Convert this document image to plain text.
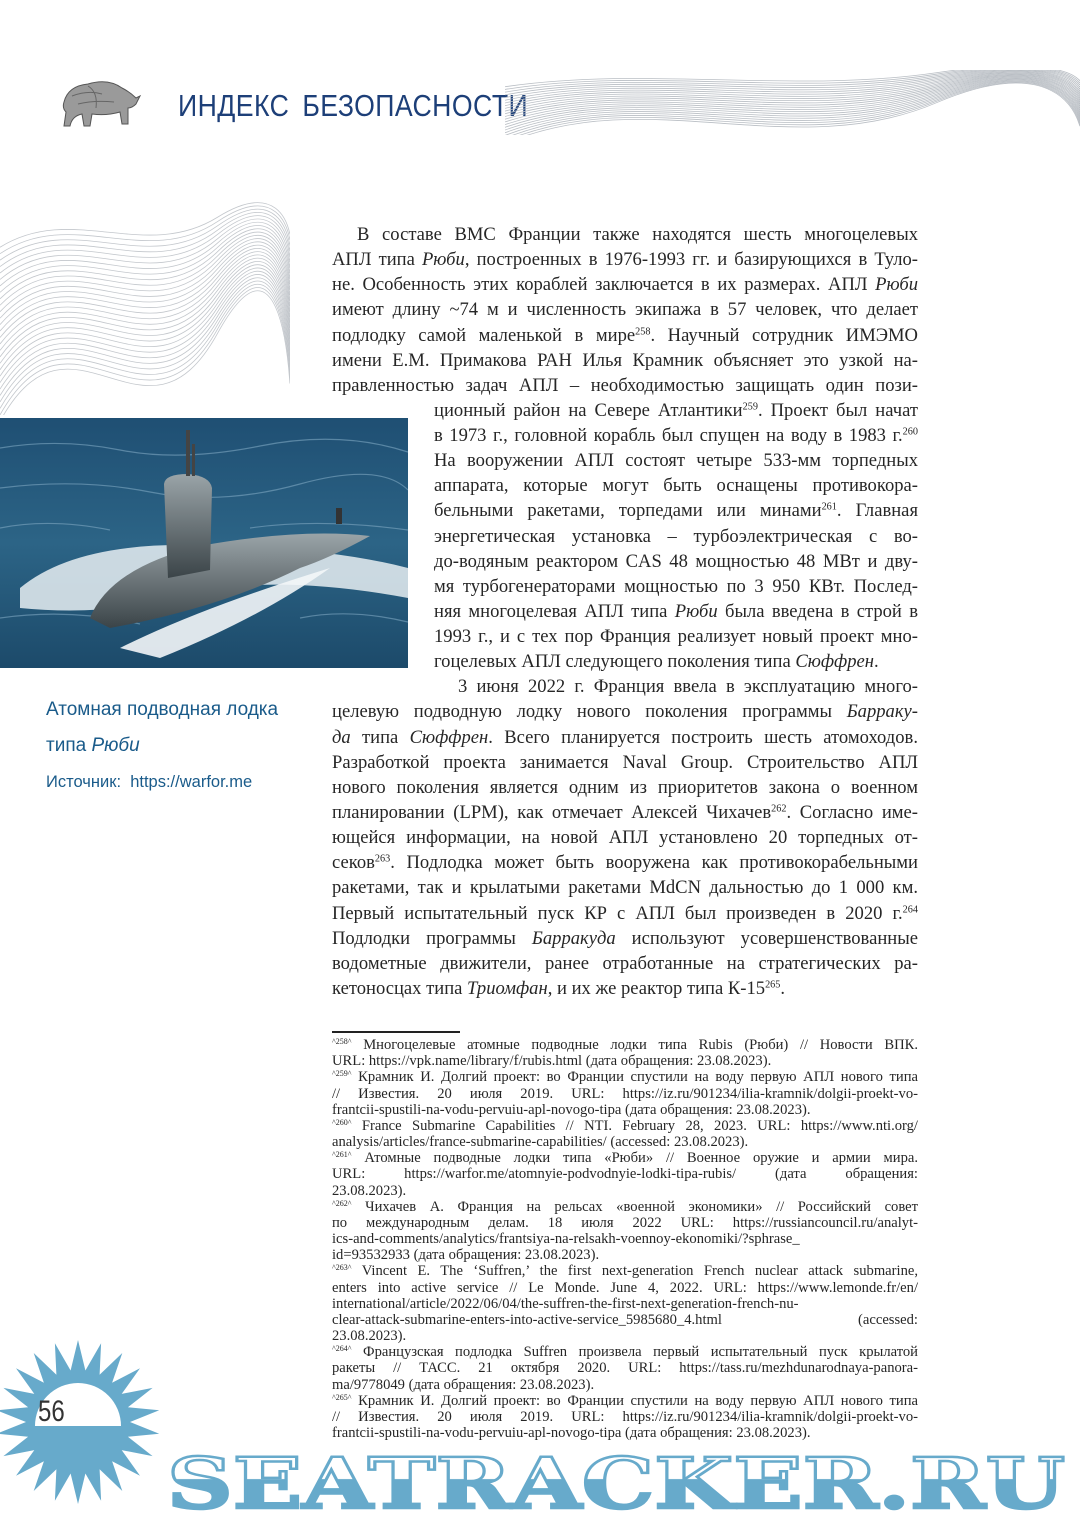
ИНДЕКС БЕЗОПАСНОСТИ
В составе ВМС Франции также находятся шесть многоцелевых
АПЛ типа Рюби, построенных в 1976-1993 гг. и базирующихся в Туло-
не. Особенность этих кораблей заключается в их размерах. АПЛ Рюби
имеют длину ~74 м и численность экипажа в 57 человек, что делает
подлодку самой маленькой в мире$^{258}$. Научный сотрудник ИМЭМО
имени Е.М. Примакова РАН Илья Крамник объясняет это узкой на-
правленностью задач АПЛ – необходимостью защищать один пози-
ционный район на Севере Атлантики$^{259}$. Проект был начат
в 1973 г., головной корабль был спущен на воду в 1983 г.$^{260}$
На вооружении АПЛ состоят четыре 533-мм торпедных
аппарата, которые могут быть оснащены противокора-
бельными ракетами, торпедами или минами$^{261}$. Главная
энергетическая установка – турбоэлектрическая с во-
до-водяным реактором CAS 48 мощностью 48 МВт и дву-
мя турбогенераторами мощностью по 3 950 КВт. Послед-
няя многоцелевая АПЛ типа Рюби была введена в строй в
1993 г., и с тех пор Франция реализует новый проект мно-
гоцелевых АПЛ следующего поколения типа Сюффрен.
3 июня 2022 г. Франция ввела в эксплуатацию много-
целевую подводную лодку нового поколения программы Барраку-
да типа Сюффрен. Всего планируется построить шесть атомоходов.
Разработкой проекта занимается Naval Group. Строительство АПЛ
нового поколения является одним из приоритетов закона о военном
планировании (LPM), как отмечает Алексей Чихачев$^{262}$. Согласно име-
ющейся информации, на новой АПЛ установлено 20 торпедных от-
секов$^{263}$. Подлодка может быть вооружена как противокорабельными
ракетами, так и крылатыми ракетами MdCN дальностью до 1 000 км.
Первый испытательный пуск КР с АПЛ был произведен в 2020 г.$^{264}$
Подлодки программы Барракуда используют усовершенствованные
водометные движители, ранее отработанные на стратегических ра-
кетоносцах типа Триомфан, и их же реактор типа $К-15^{265}$.
Атомная подводная лодка
типа Рюби
Источник: https://warfor.me
$^{\^{}258\^{}}$ Многоцелевые атомные подводные лодки типа Rubis (Рюби) // Новости ВПК.
URL: https://vpk.name/library/f/rubis.html (дата обращения: 23.08.2023).
$^{\^{}259\^{}}$ Крамник И. Долгий проект: во Франции спустили на воду первую АПЛ нового типа
// Известия. 20 июля 2019. URL: https://iz.ru/901234/ilia-kramnik/dolgii-proekt-vo-
frantcii-spustili-na-vodu-pervuiu-apl-novogo-tipa (дата обращения: 23.08.2023).
$^{\^{}260\^{}}$ France Submarine Capabilities // NTI. February 28, 2023. URL: https://www.nti.org/
analysis/articles/france-submarine-capabilities/ (accessed: 23.08.2023).
$^{\^{}261\^{}}$ Атомные подводные лодки типа «Рюби» // Военное оружие и армии мира.
URL: https://warfor.me/atomnyie-podvodnyie-lodki-tipa-rubis/ (дата обращения:
23.08.2023).
$^{\^{}262\^{}}$ Чихачев А. Франция на рельсах «военной экономики» // Российский совет
по международным делам. 18 июля 2022 URL: https://russiancouncil.ru/analyt-
ics-and-comments/analytics/frantsiya-na-relsakh-voennoy-ekonomiki/?sphrase_
id=93532933 (дата обращения: 23.08.2023).
$^{\^{}263\^{}}$ Vincent E. The ‘Suffren,’ the first next-generation French nuclear attack submarine,
enters into active service // Le Monde. June 4, 2022. URL: https://www.lemonde.fr/en/
international/article/2022/06/04/the-suffren-the-first-next-generation-french-nu-
clear-attack-submarine-enters-into-active-service_5985680_4.html (accessed:
23.08.2023).
$^{\^{}264\^{}}$ Французская подлодка Suffren произвела первый испытательный пуск крылатой
ракеты // ТАСС. 21 октября 2020. URL: https://tass.ru/mezhdunarodnaya-panora-
ma/9778049 (дата обращения: 23.08.2023).
$^{\^{}265\^{}}$ Крамник И. Долгий проект: во Франции спустили на воду первую АПЛ нового типа
// Известия. 20 июля 2019. URL: https://iz.ru/901234/ilia-kramnik/dolgii-proekt-vo-
frantcii-spustili-na-vodu-pervuiu-apl-novogo-tipa (дата обращения: 23.08.2023).
56
SEATRACKER.RU
